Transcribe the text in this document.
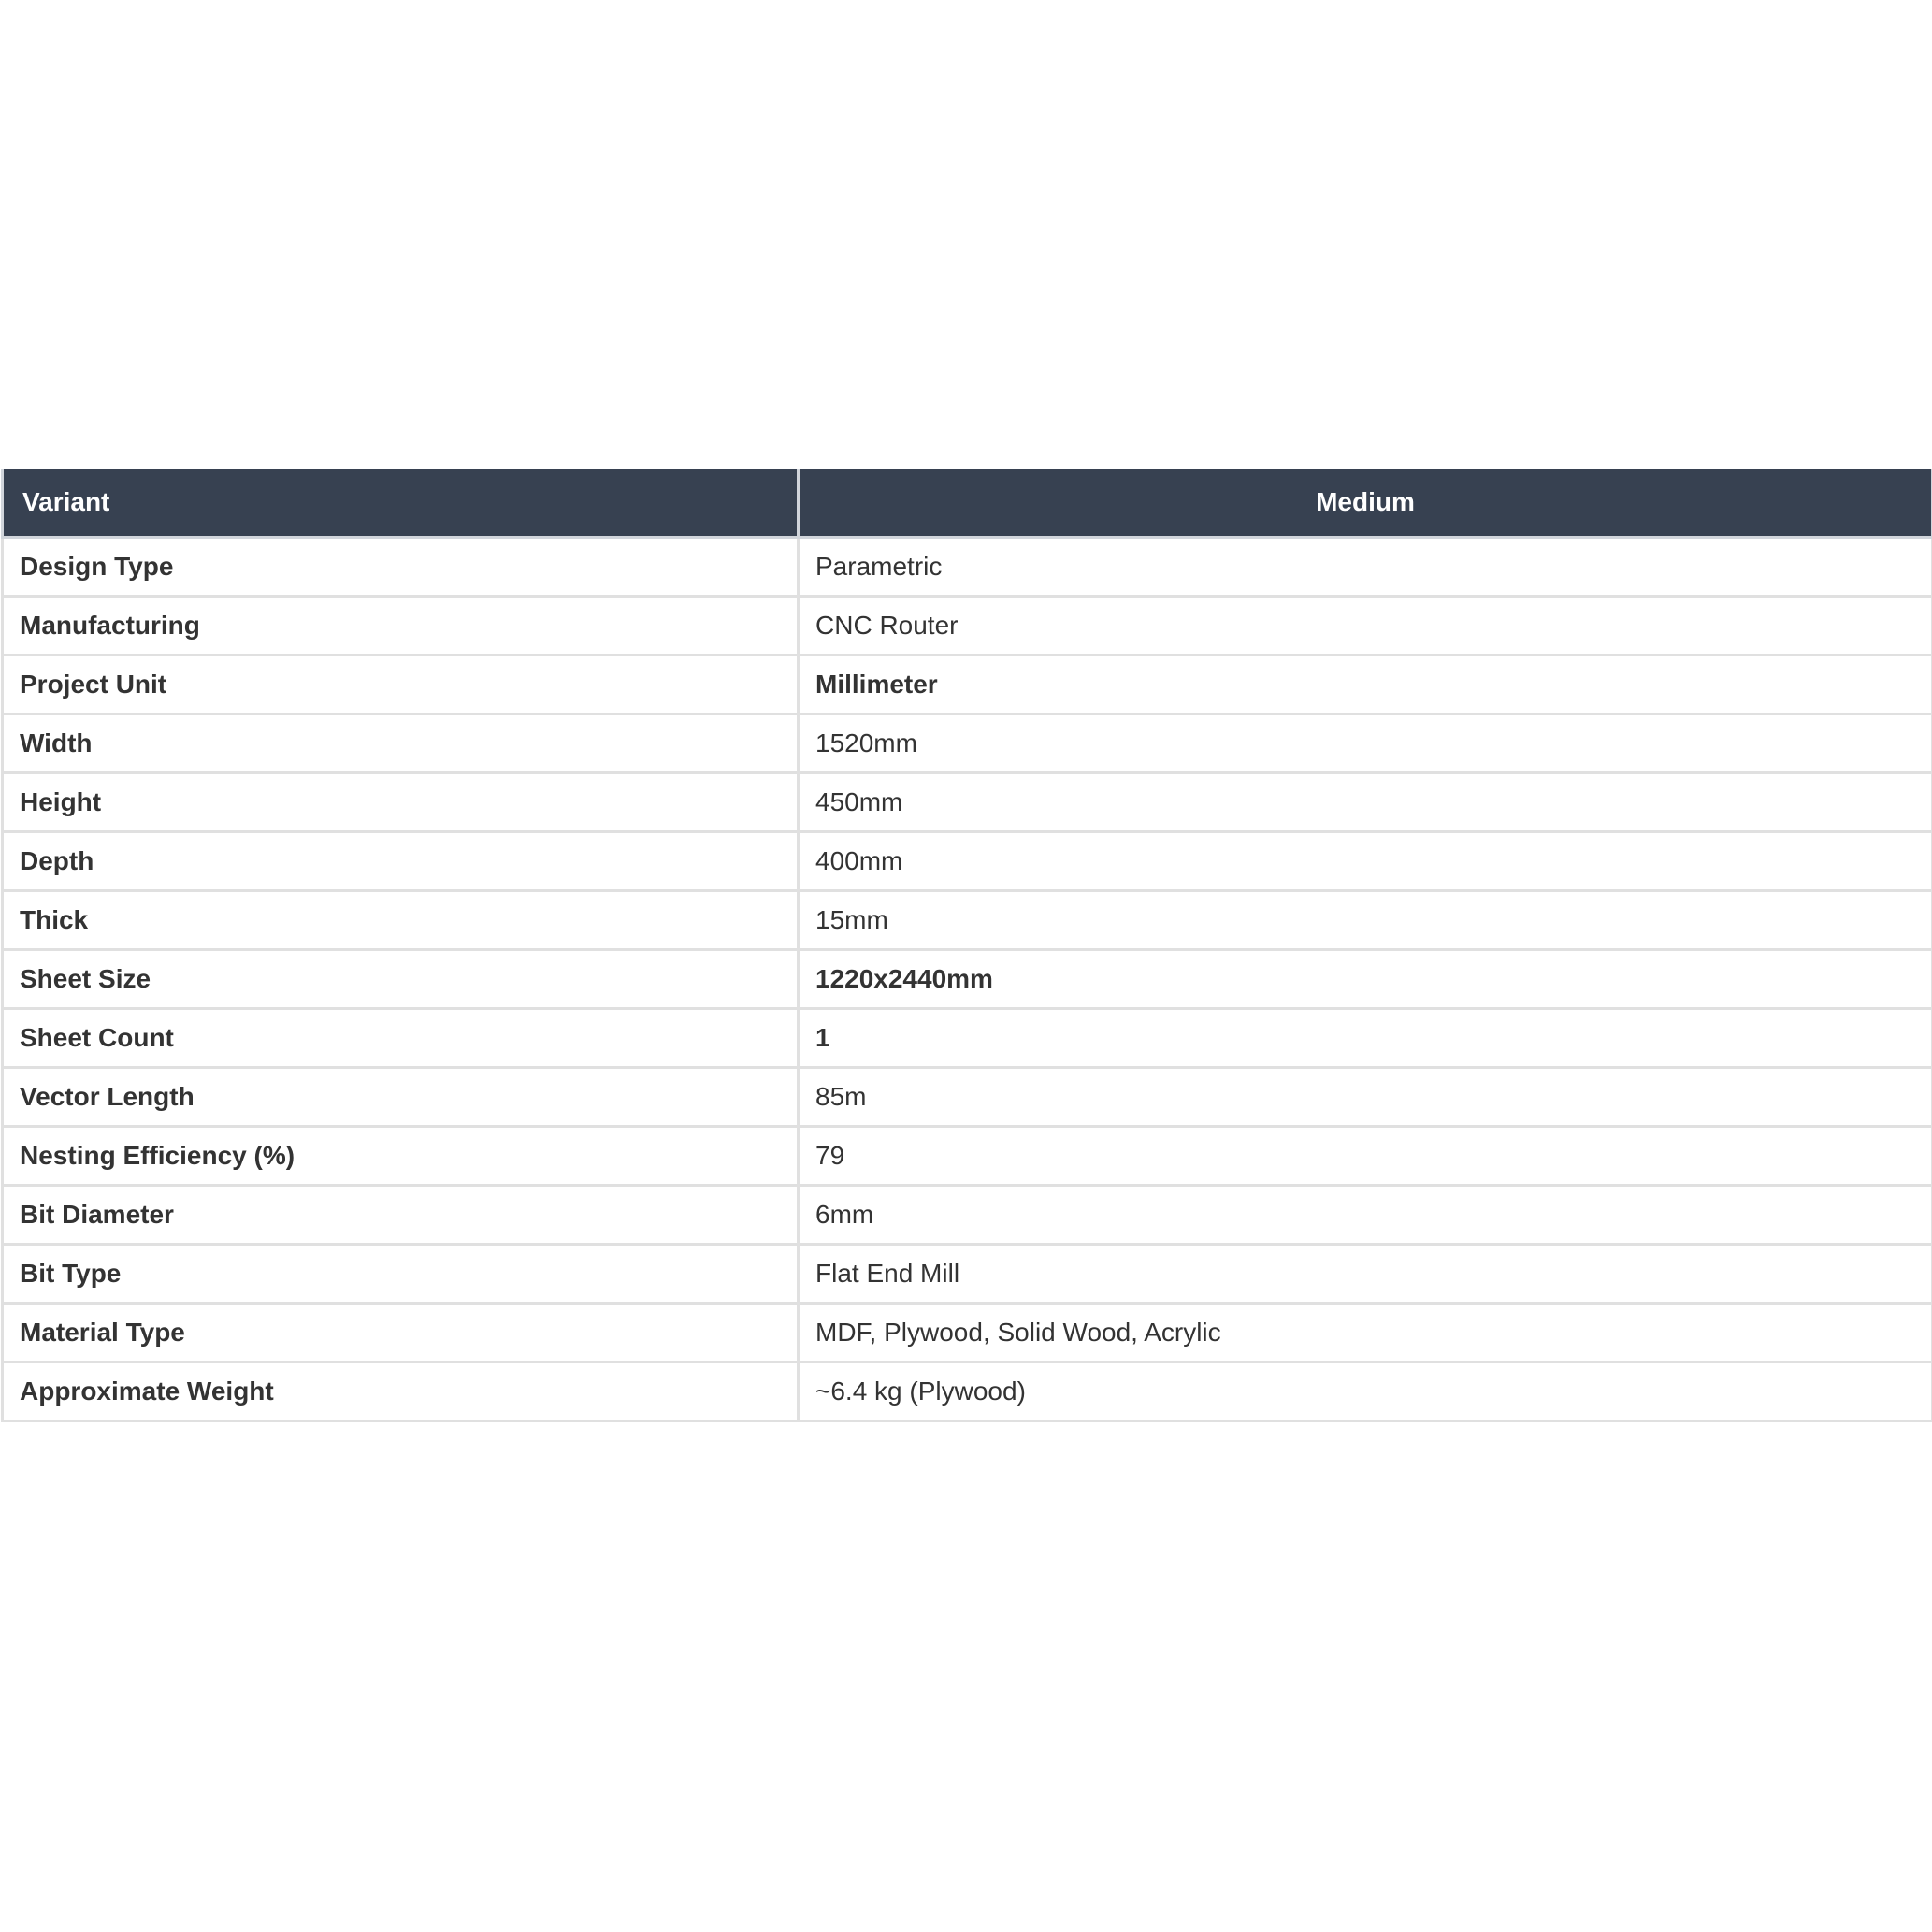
Variant	Medium
Design Type	Parametric
Manufacturing	CNC Router
Project Unit	Millimeter
Width	1520mm
Height	450mm
Depth	400mm
Thick	15mm
Sheet Size	1220x2440mm
Sheet Count	1
Vector Length	85m
Nesting Efficiency (%)	79
Bit Diameter	6mm
Bit Type	Flat End Mill
Material Type	MDF, Plywood, Solid Wood, Acrylic
Approximate Weight	~6.4 kg (Plywood)
